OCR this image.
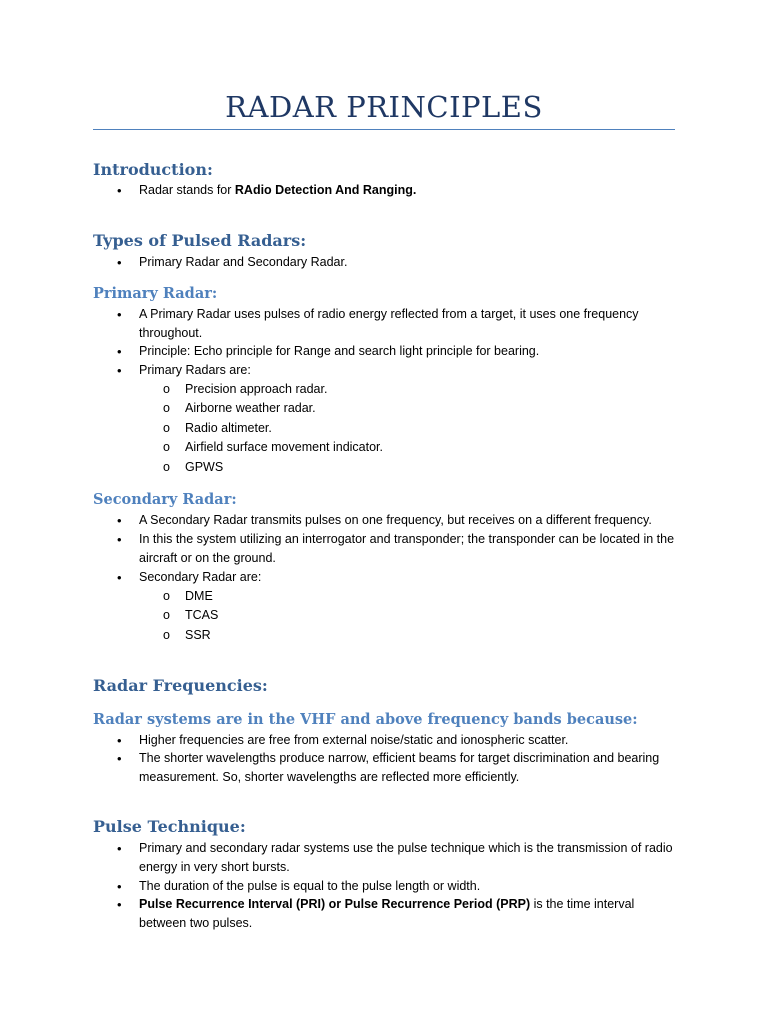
RADAR PRINCIPLES
Introduction:
• Radar stands for RAdio Detection And Ranging.
Types of Pulsed Radars:
• Primary Radar and Secondary Radar.
Primary Radar:
• A Primary Radar uses pulses of radio energy reflected from a target, it uses one frequency throughout.
• Principle: Echo principle for Range and search light principle for bearing.
• Primary Radars are:
o Precision approach radar.
o Airborne weather radar.
o Radio altimeter.
o Airfield surface movement indicator.
o GPWS
Secondary Radar:
• A Secondary Radar transmits pulses on one frequency, but receives on a different frequency.
• In this the system utilizing an interrogator and transponder; the transponder can be located in the aircraft or on the ground.
• Secondary Radar are:
o DME
o TCAS
o SSR
Radar Frequencies:
Radar systems are in the VHF and above frequency bands because:
• Higher frequencies are free from external noise/static and ionospheric scatter.
• The shorter wavelengths produce narrow, efficient beams for target discrimination and bearing measurement. So, shorter wavelengths are reflected more efficiently.
Pulse Technique:
• Primary and secondary radar systems use the pulse technique which is the transmission of radio energy in very short bursts.
• The duration of the pulse is equal to the pulse length or width.
• Pulse Recurrence Interval (PRI) or Pulse Recurrence Period (PRP) is the time interval between two pulses.
